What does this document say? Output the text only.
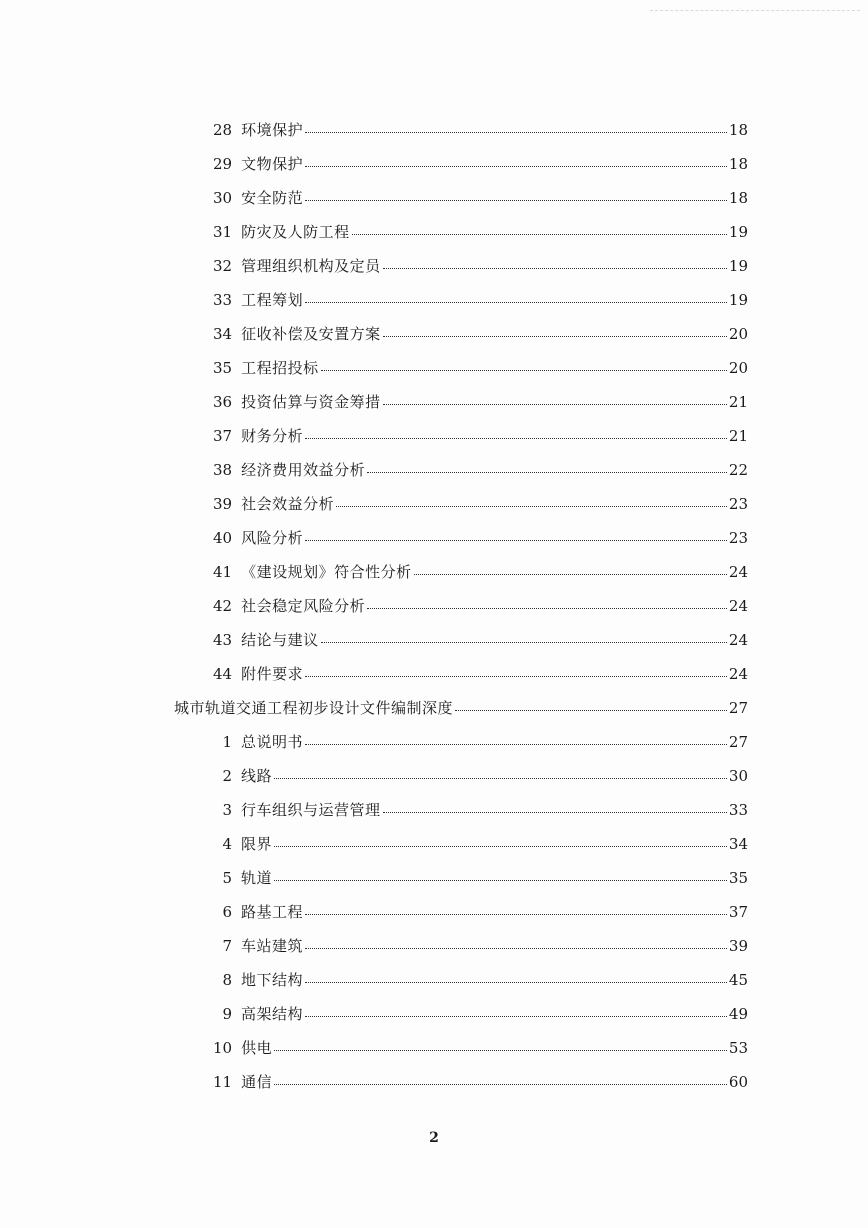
28 环境保护	18
29 文物保护	18
30 安全防范	18
31 防灾及人防工程	19
32 管理组织机构及定员	19
33 工程筹划	19
34 征收补偿及安置方案	20
35 工程招投标	20
36 投资估算与资金筹措	21
37 财务分析	21
38 经济费用效益分析	22
39 社会效益分析	23
40 风险分析	23
41 《建设规划》符合性分析	24
42 社会稳定风险分析	24
43 结论与建议	24
44 附件要求	24
城市轨道交通工程初步设计文件编制深度	27
1 总说明书	27
2 线路	30
3 行车组织与运营管理	33
4 限界	34
5 轨道	35
6 路基工程	37
7 车站建筑	39
8 地下结构	45
9 高架结构	49
10 供电	53
11 通信	60
2
